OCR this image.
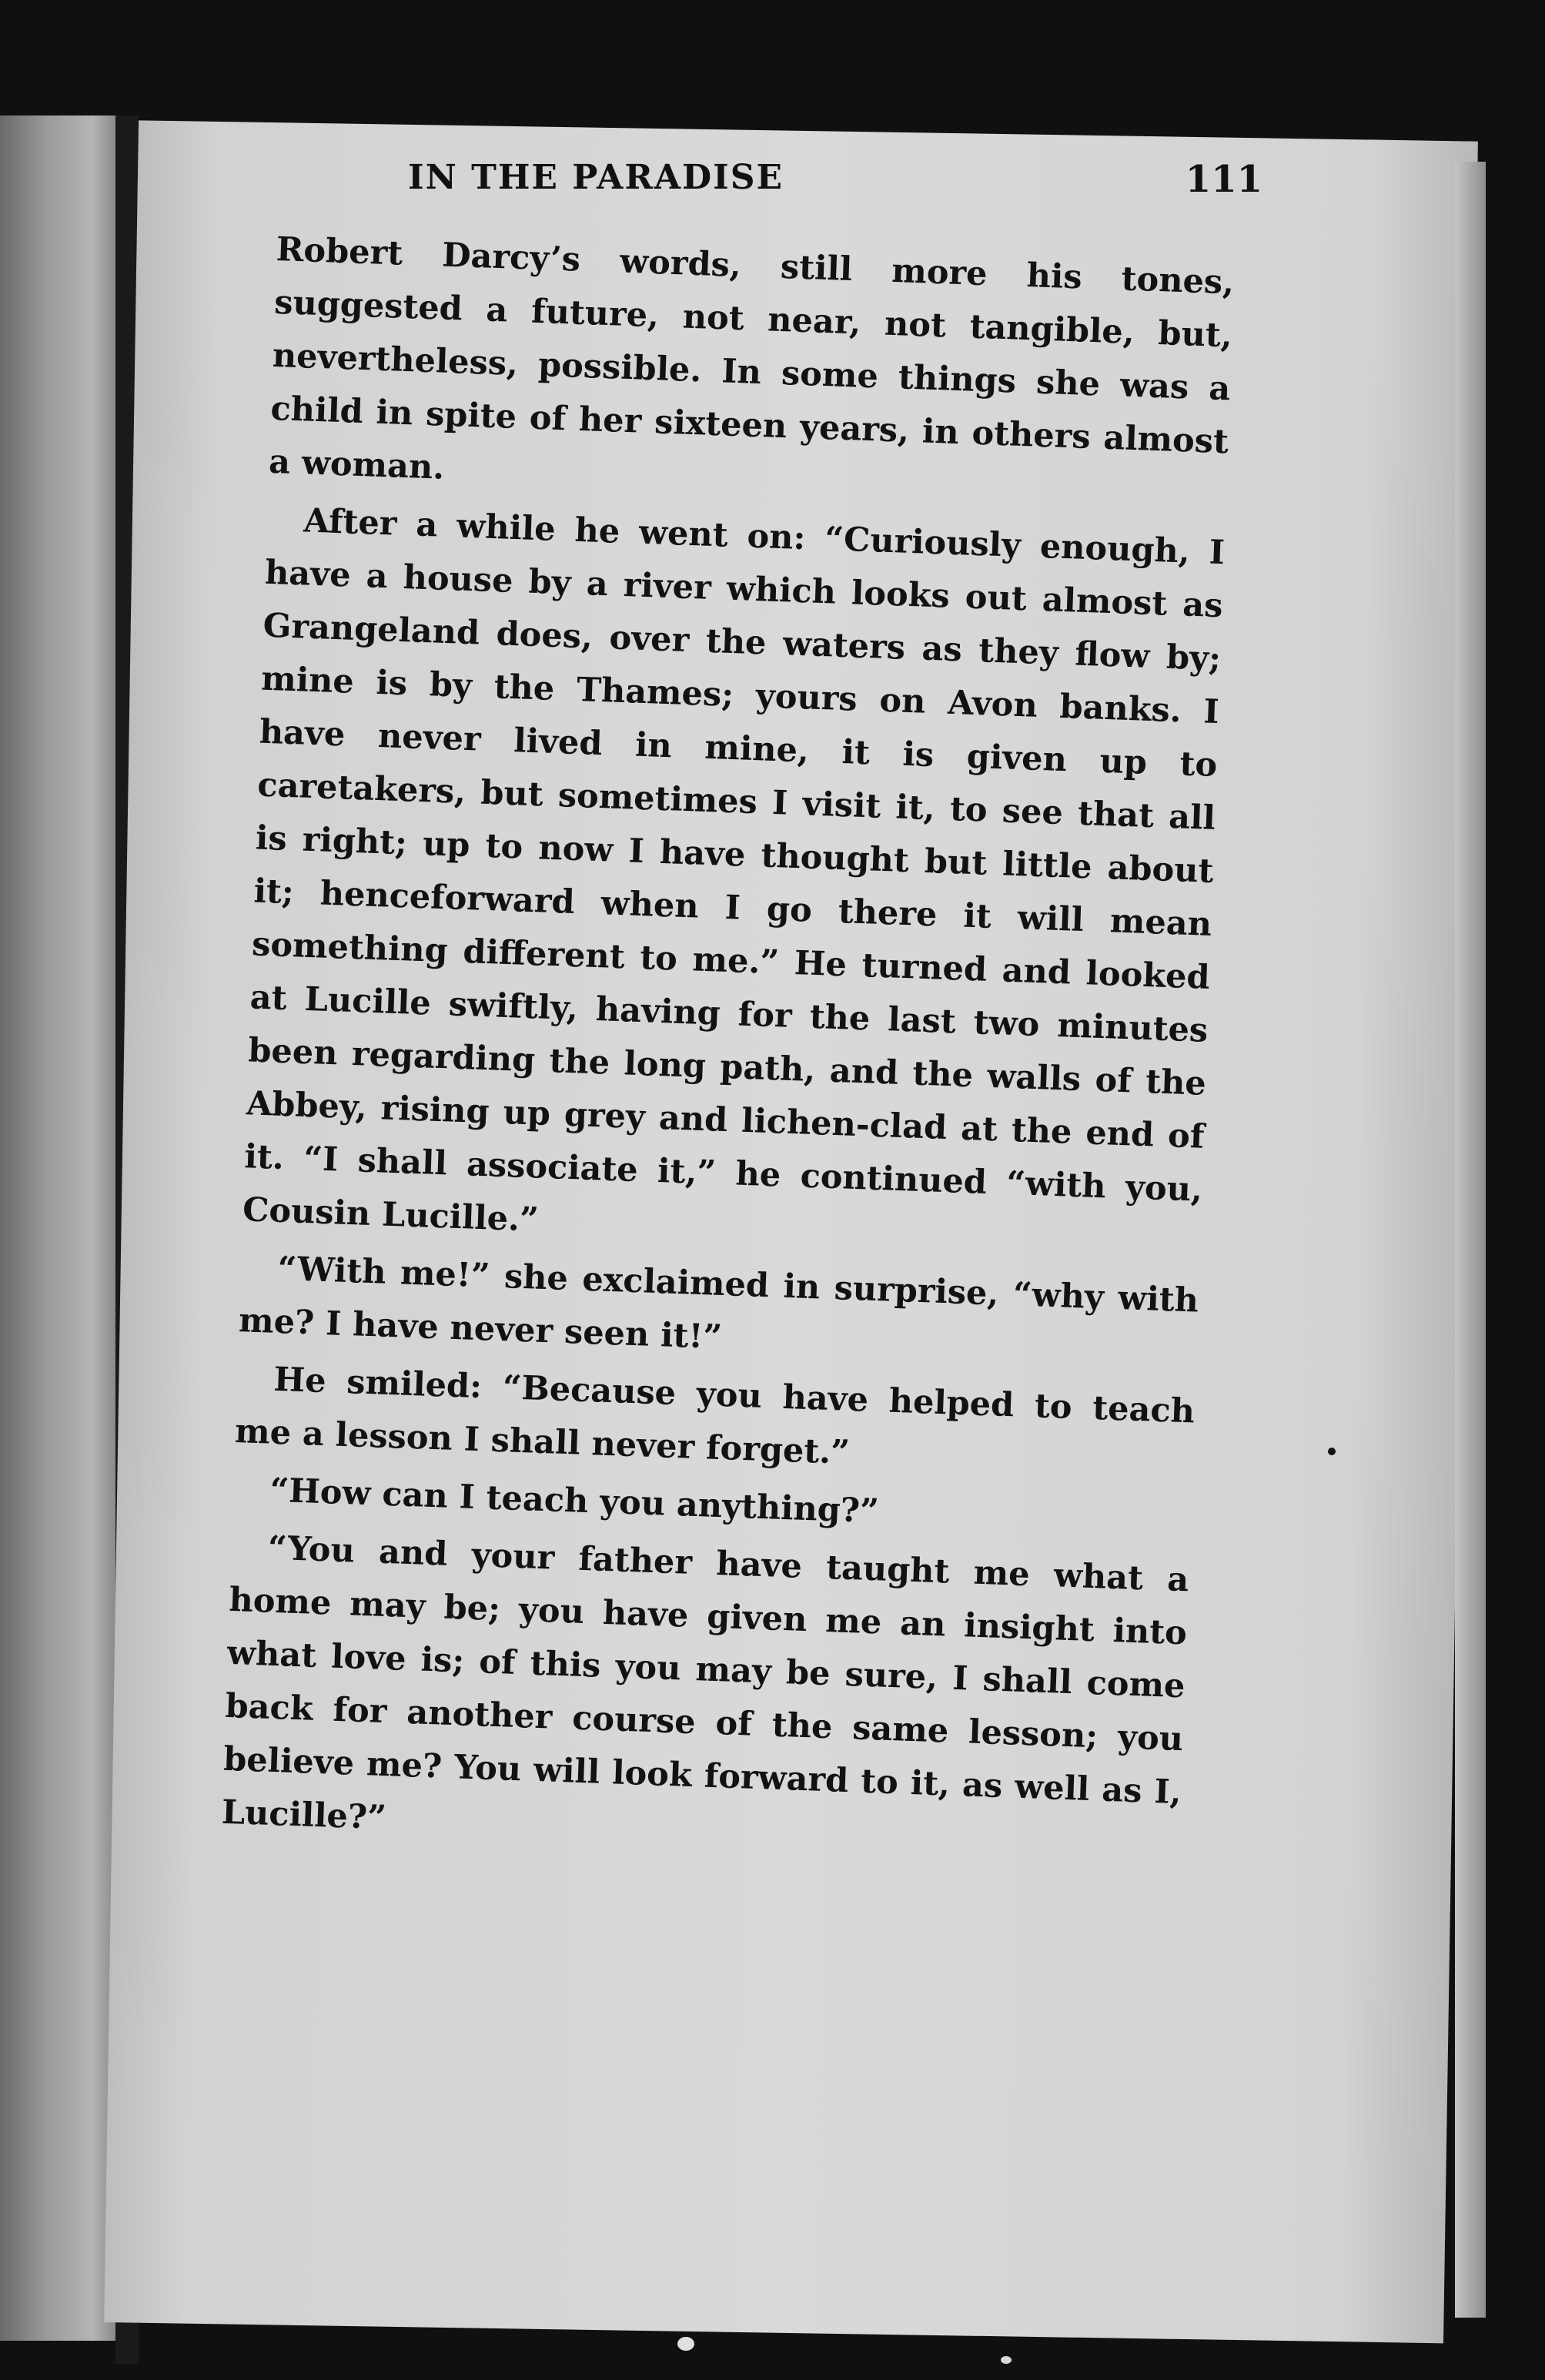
IN THE PARADISE	111

Robert Darcy’s words, still more his tones, suggested a future, not near, not tangible, but, nevertheless, possible. In some things she was a child in spite of her sixteen years, in others almost a woman.

After a while he went on: “Curiously enough, I have a house by a river which looks out almost as Grangeland does, over the waters as they flow by; mine is by the Thames; yours on Avon banks. I have never lived in mine, it is given up to caretakers, but sometimes I visit it, to see that all is right; up to now I have thought but little about it; henceforward when I go there it will mean something different to me.” He turned and looked at Lucille swiftly, having for the last two minutes been regarding the long path, and the walls of the Abbey, rising up grey and lichen-clad at the end of it. “I shall associate it,” he continued “with you, Cousin Lucille.”

“With me!” she exclaimed in surprise, “why with me? I have never seen it!”

He smiled: “Because you have helped to teach me a lesson I shall never forget.”

“How can I teach you anything?”

“You and your father have taught me what a home may be; you have given me an insight into what love is; of this you may be sure, I shall come back for another course of the same lesson; you believe me? You will look forward to it, as well as I, Lucille?”
